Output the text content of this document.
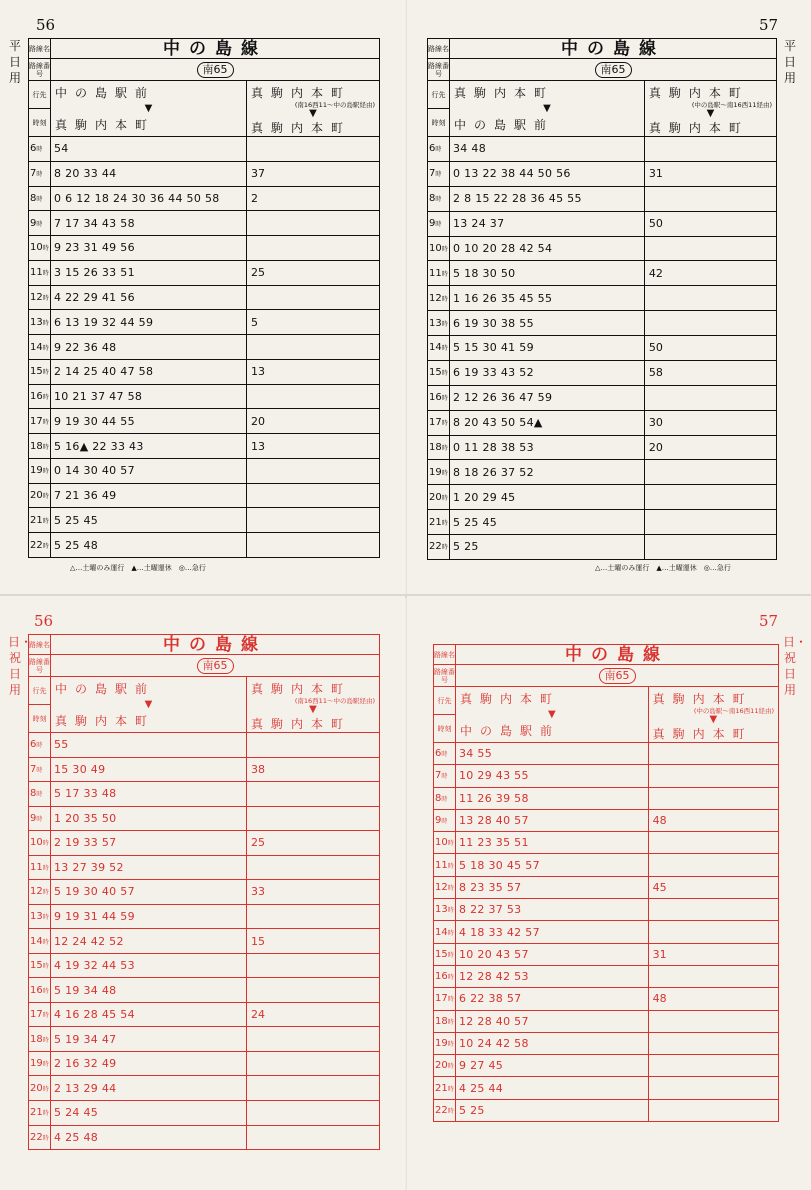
56
平日用
路線名	中の島線
路線番号	南65
行先
時刻
中の島駅前
▼
真駒内本町
真駒内本町
(南16西11〜中の島駅経由)
▼
真駒内本町
6 時 54
7 時 8 20 33 44	37
8 時 0 6 12 18 24 30 36 44 50 58	2
9 時 7 17 34 43 58
10 時 9 23 31 49 56
11 時 3 15 26 33 51	25
12 時 4 22 29 41 56
13 時 6 13 19 32 44 59	5
14 時 9 22 36 48
15 時 2 14 25 40 47 58	13
16 時 10 21 37 47 58
17 時 9 19 30 44 55	20
18 時 5 16▲ 22 33 43	13
19 時 0 14 30 40 57
20 時 7 21 36 49
21 時 5 25 45
22 時 5 25 48
△…土曜のみ運行　▲…土曜運休　◎…急行
57
平日用
路線名	中の島線
路線番号	南65
行先
時刻
真駒内本町
▼
中の島駅前
真駒内本町
(中の島駅〜南16西11経由)
▼
真駒内本町
6 時 34 48
7 時 0 13 22 38 44 50 56	31
8 時 2 8 15 22 28 36 45 55
9 時 13 24 37	50
10 時 0 10 20 28 42 54
11 時 5 18 30 50	42
12 時 1 16 26 35 45 55
13 時 6 19 30 38 55
14 時 5 15 30 41 59	50
15 時 6 19 33 43 52	58
16 時 2 12 26 36 47 59
17 時 8 20 43 50 54▲	30
18 時 0 11 28 38 53	20
19 時 8 18 26 37 52
20 時 1 20 29 45
21 時 5 25 45
22 時 5 25
△…土曜のみ運行　▲…土曜運休　◎…急行
56
日・祝日用
路線名	中の島線
路線番号	南65
行先
時刻
中の島駅前
▼
真駒内本町
真駒内本町
(南16西11〜中の島駅経由)
▼
真駒内本町
6 時 55
7 時 15 30 49	38
8 時 5 17 33 48
9 時 1 20 35 50
10 時 2 19 33 57	25
11 時 13 27 39 52
12 時 5 19 30 40 57	33
13 時 9 19 31 44 59
14 時 12 24 42 52	15
15 時 4 19 32 44 53
16 時 5 19 34 48
17 時 4 16 28 45 54	24
18 時 5 19 34 47
19 時 2 16 32 49
20 時 2 13 29 44
21 時 5 24 45
22 時 4 25 48
57
日・祝日用
路線名	中の島線
路線番号	南65
行先
時刻
真駒内本町
▼
中の島駅前
真駒内本町
(中の島駅〜南16西11経由)
▼
真駒内本町
6 時 34 55
7 時 10 29 43 55
8 時 11 26 39 58
9 時 13 28 40 57	48
10 時 11 23 35 51
11 時 5 18 30 45 57
12 時 8 23 35 57	45
13 時 8 22 37 53
14 時 4 18 33 42 57
15 時 10 20 43 57	31
16 時 12 28 42 53
17 時 6 22 38 57	48
18 時 12 28 40 57
19 時 10 24 42 58
20 時 9 27 45
21 時 4 25 44
22 時 5 25
